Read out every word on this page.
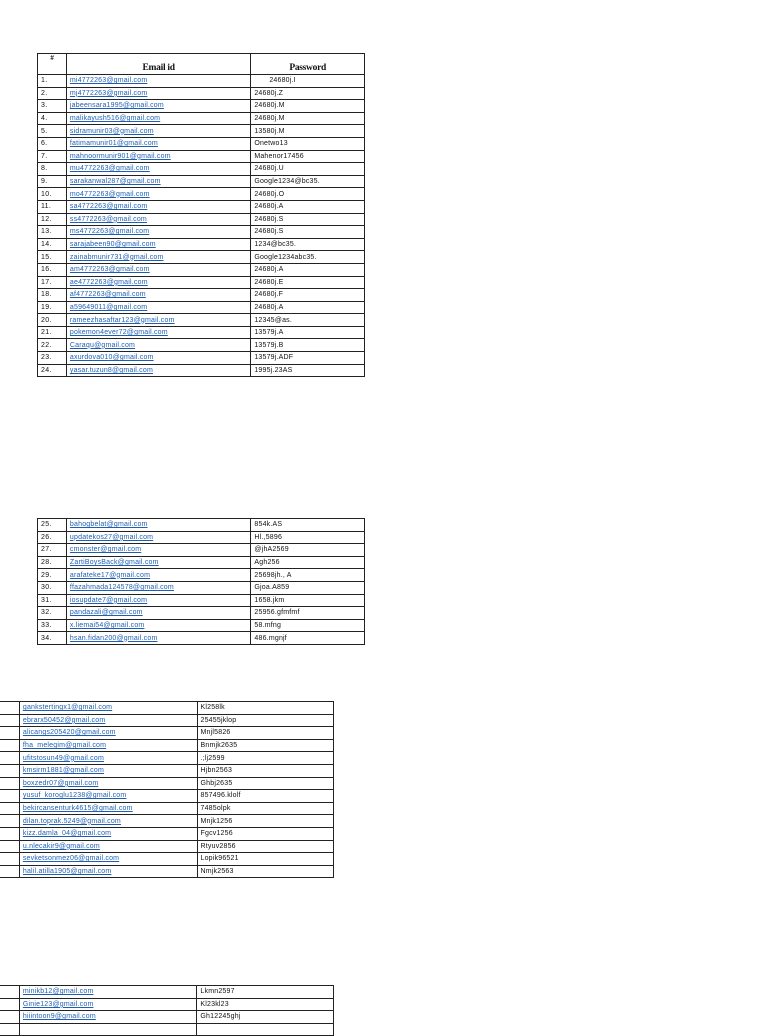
#	Email id	Password
1.	mi4772263@gmail.com	24680j.I
2.	mj4772263@gmail.com	24680j.Z
3.	jabeensara1995@gmail.com	24680j.M
4.	malikayush516@gmail.com	24680j.M
5.	sidramunir03@gmail.com	13580j.M
6.	fatimamunir01@gmail.com	Onetwo13
7.	mahnoormunir901@gmail.com	Mahenor17456
8.	mu4772263@gmail.com	24680j.U
9.	sarakanwal287@gmail.com	Google1234@bc35.
10.	mo4772263@gmail.com	24680j.O
11.	sa4772263@gmail.com	24680j.A
12.	ss4772263@gmail.com	24680j.S
13.	ms4772263@gmail.com	24680j.S
14.	sarajabeen90@gmail.com	1234@bc35.
15.	zainabmunir731@gmail.com	Google1234abc35.
16.	am4772263@gmail.com	24680j.A
17.	ae4772263@gmail.com	24680j.E
18.	af4772263@gmail.com	24680j.F
19.	a59649011@gmail.com	24680j.A
20.	rameezhasaftar123@gmail.com	12345@as.
21.	pokemon4ever72@gmail.com	13579j.A
22.	Caraqu@gmail.com	13579j.B
23.	axurdova010@gmail.com	13579j.ADF
24.	yasar.tuzun8@gmail.com	1995j.23AS
25.	bahogbelat@gmail.com	854k.AS
26.	updatekos27@gmail.com	Hl.,5896
27.	cmonster@gmail.com	@jhA2569
28.	ZartiBoysBack@gmail.com	Agh256
29.	arafateke17@gmail.com	25698jh., A
30.	ffazahmada124578@gmail.com	Gjoa.A859
31.	iosupdate7@gmail.com	1658.jkm
32.	pandazali@gmail.com	25956.gfmfmf
33.	x.liemai54@gmail.com	58.mfng
34.	hsan.fidan200@gmail.com	486.mgnjf
	gankstertingx1@gmail.com	Kl258lk
	ebrarx50452@gmail.com	25455jklop
	alicangs205420@gmail.com	Mnjl5826
	fha_melegim@gmail.com	Bnmjk2635
	ufitstosun49@gmail.com	.;lj2599
	kmsirm1881@gmail.com	Hjbn2563
	boxzedr07@gmail.com	Ghbj2635
	yusuf_koroglu1238@gmail.com	857496.klolf
	bekircansenturk4615@gmail.com	7485olpk
	dilan.toprak.5249@gmail.com	Mnjk1256
	kizz.damla_04@gmail.com	Fgcv1256
	u.nlecakir9@gmail.com	Rtyuv2856
	sevketsonmez06@gmail.com	Lopik96521
	halil.atilla1905@gmail.com	Nmjk2563
	minikb12@gmail.com	Lkmn2597
	Ginie123@gmail.com	Kl23kl23
	hiiintoon9@gmail.com	Gh12245ghj
